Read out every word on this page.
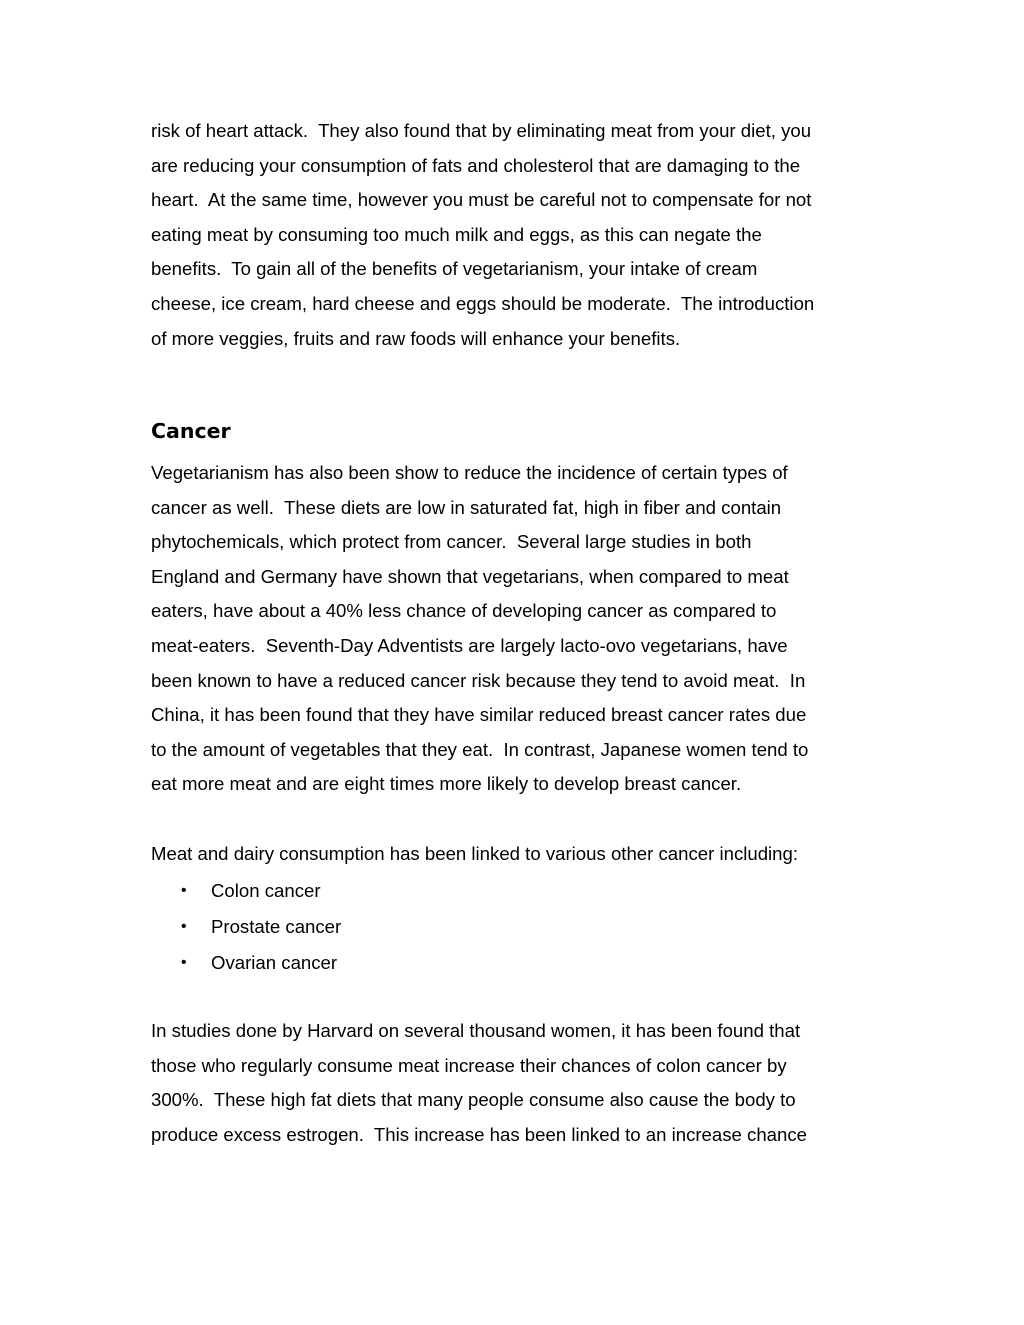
risk of heart attack.  They also found that by eliminating meat from your diet, you
are reducing your consumption of fats and cholesterol that are damaging to the
heart.  At the same time, however you must be careful not to compensate for not
eating meat by consuming too much milk and eggs, as this can negate the
benefits.  To gain all of the benefits of vegetarianism, your intake of cream
cheese, ice cream, hard cheese and eggs should be moderate.  The introduction
of more veggies, fruits and raw foods will enhance your benefits.
Cancer
Vegetarianism has also been show to reduce the incidence of certain types of
cancer as well.  These diets are low in saturated fat, high in fiber and contain
phytochemicals, which protect from cancer.  Several large studies in both
England and Germany have shown that vegetarians, when compared to meat
eaters, have about a 40% less chance of developing cancer as compared to
meat-eaters.  Seventh-Day Adventists are largely lacto-ovo vegetarians, have
been known to have a reduced cancer risk because they tend to avoid meat.  In
China, it has been found that they have similar reduced breast cancer rates due
to the amount of vegetables that they eat.  In contrast, Japanese women tend to
eat more meat and are eight times more likely to develop breast cancer.
Meat and dairy consumption has been linked to various other cancer including:

•

Colon cancer

•

Prostate cancer

•

Ovarian cancer

In studies done by Harvard on several thousand women, it has been found that
those who regularly consume meat increase their chances of colon cancer by
300%.  These high fat diets that many people consume also cause the body to
produce excess estrogen.  This increase has been linked to an increase chance
